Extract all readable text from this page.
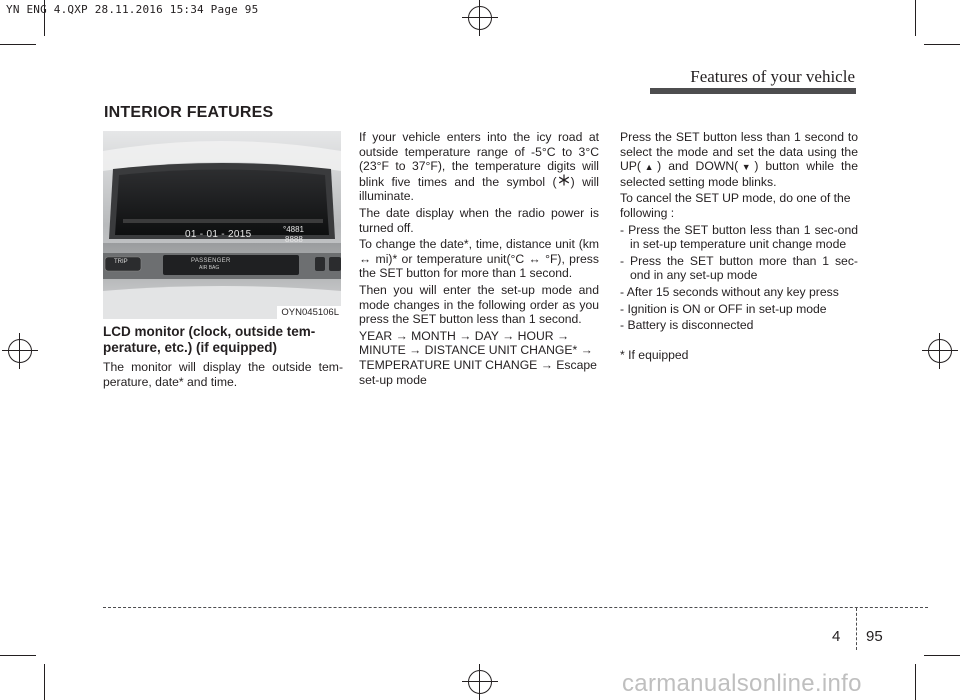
YN ENG 4.QXP 28.11.2016 15:34 Page 95
Features of your vehicle
INTERIOR FEATURES
01 - 01 - 2015	°4881
8888
TRIP	PASSENGER
AIR BAG
OYN045106L
LCD monitor (clock, outside tem-perature, etc.) (if equipped)
The monitor will display the outside tem-perature, date* and time.

If your vehicle enters into the icy road at outside temperature range of -5°C to 3°C (23°F to 37°F), the temperature digits will blink five times and the symbol ( ) will illuminate.

The date display when the radio power is turned off.

To change the date*, time, distance unit (km ↔ mi)* or temperature unit(°C ↔ °F), press the SET button for more than 1 second.

Then you will enter the set-up mode and mode changes in the following order as you press the SET button less than 1 second.

YEAR → MONTH → DAY → HOUR → MINUTE → DISTANCE UNIT CHANGE* → TEMPERATURE UNIT CHANGE → Escape set-up mode

Press the SET button less than 1 second to select the mode and set the data using the UP(▲) and DOWN(▼) button while the selected setting mode blinks.

To cancel the SET UP mode, do one of the following :

- Press the SET button less than 1 sec-ond in set-up temperature unit change mode

- Press the SET button more than 1 sec-ond in any set-up mode

- After 15 seconds without any key press

- Ignition is ON or OFF in set-up mode

- Battery is disconnected

* If equipped

4 95
carmanualsonline.info
